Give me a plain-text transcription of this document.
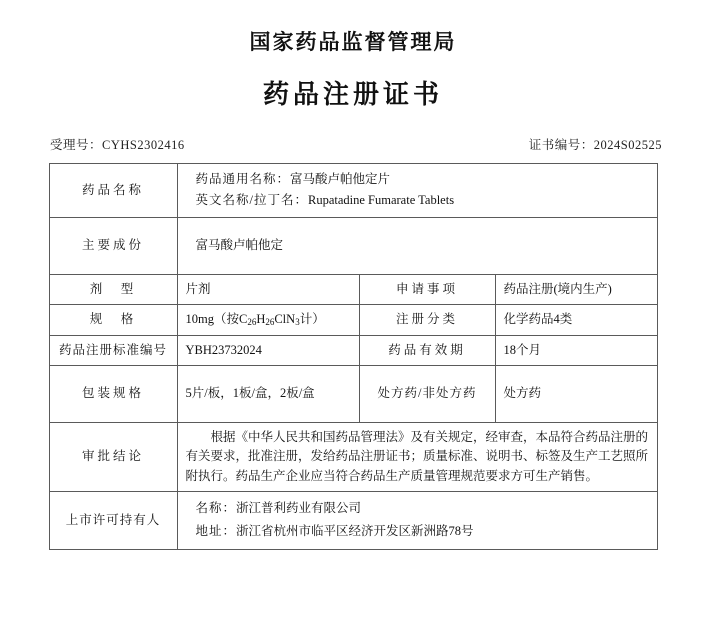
国家药品监督管理局
药品注册证书
受理号：CYHS2302416	证书编号：2024S02525
药品名称	药品通用名称：富马酸卢帕他定片
英文名称/拉丁名：Rupatadine Fumarate Tablets		

主要成份	富马酸卢帕他定		
剂　型	片剂	申请事项	药品注册(境内生产)
规　格	10mg（按$C_{26}H_{26}ClN_3$计）	注册分类	化学药品4类
药品注册标准编号	YBH23732024	药品有效期	18个月
包装规格	5片/板，1板/盒，2板/盒	处方药/非处方药	处方药
审批结论	根据《中华人民共和国药品管理法》及有关规定，经审查，本品符合药品注册的有关要求，批准注册，发给药品注册证书；质量标准、说明书、标签及生产工艺照所附执行。药品生产企业应当符合药品生产质量管理规范要求方可生产销售。		
上市许可持有人	名称：浙江普利药业有限公司
地址：浙江省杭州市临平区经济开发区新洲路78号		
